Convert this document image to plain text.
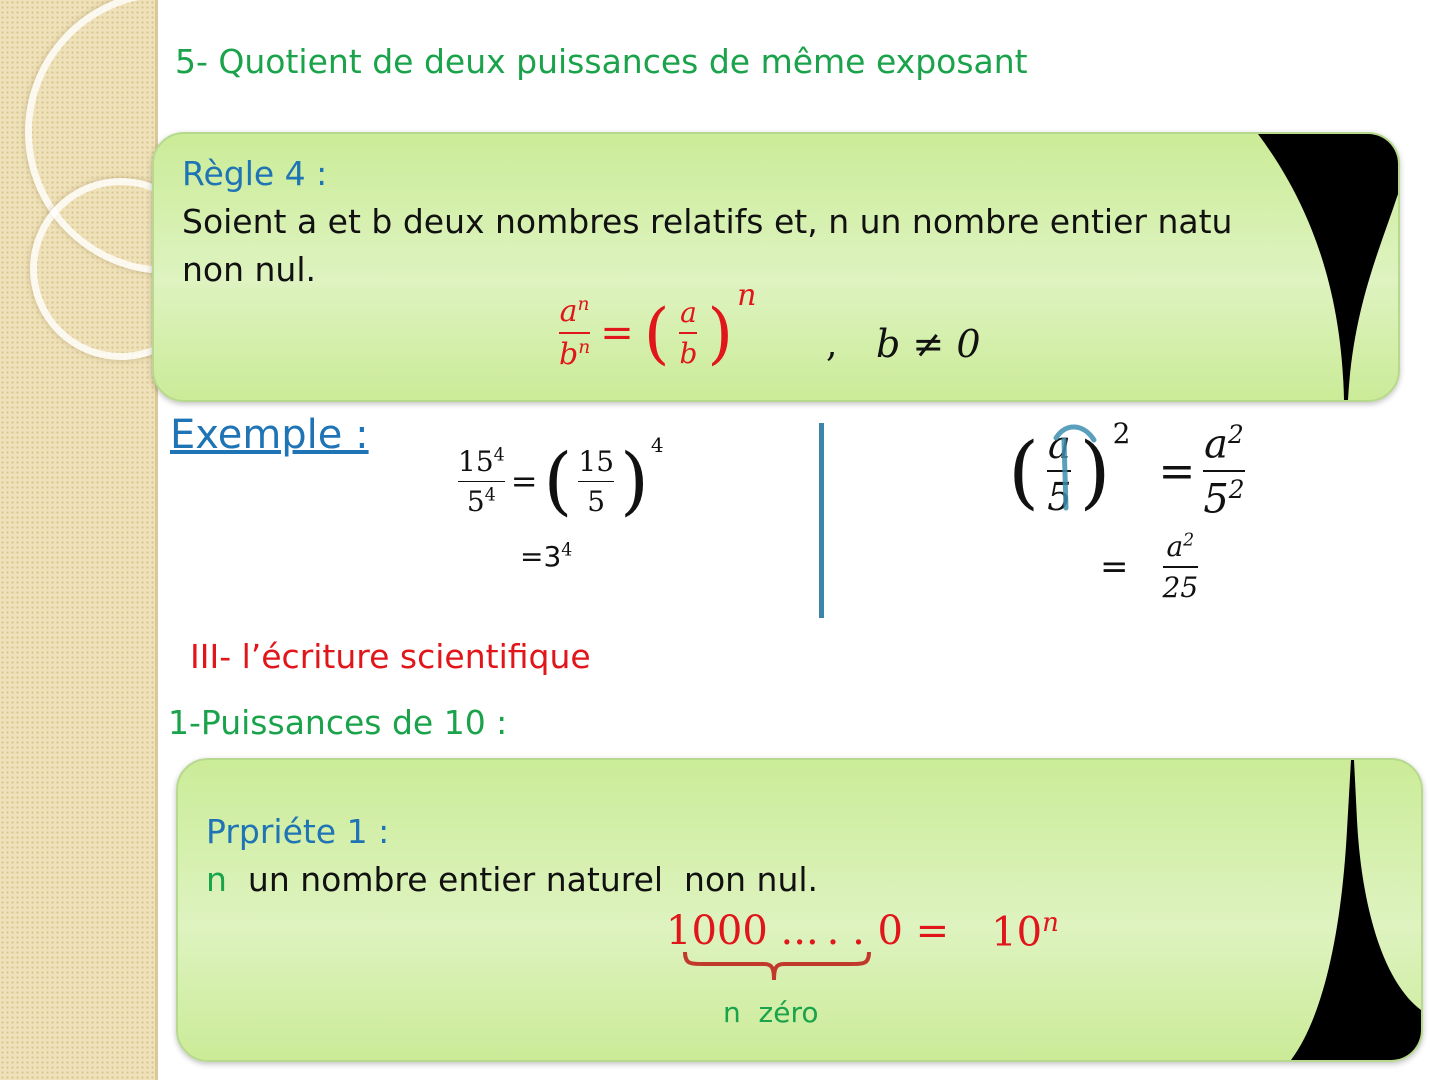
5- Quotient de deux puissances de même exposant
Règle 4 :
Soient a et b deux nombres relatifs et, n un nombre entier natu
non nul.
$\frac{a^n}{b^n}$ = ( $\frac{a}{b}$ ) n
, b ≠ 0
Exemple :
$\frac{15^4}{5^4}$ = ( $\frac{15}{5}$ ) 4
$=3^4$
( $\frac{a}{5}$ ) 2
= $\frac{a^2}{5^2}$
= $\frac{a^2}{25}$
III- l’écriture scientifique
1-Puissances de 10 :
Prpriéte 1 :
n  un nombre entier naturel  non nul.
1000 ... . . $0 = 10^n$
n  zéro
